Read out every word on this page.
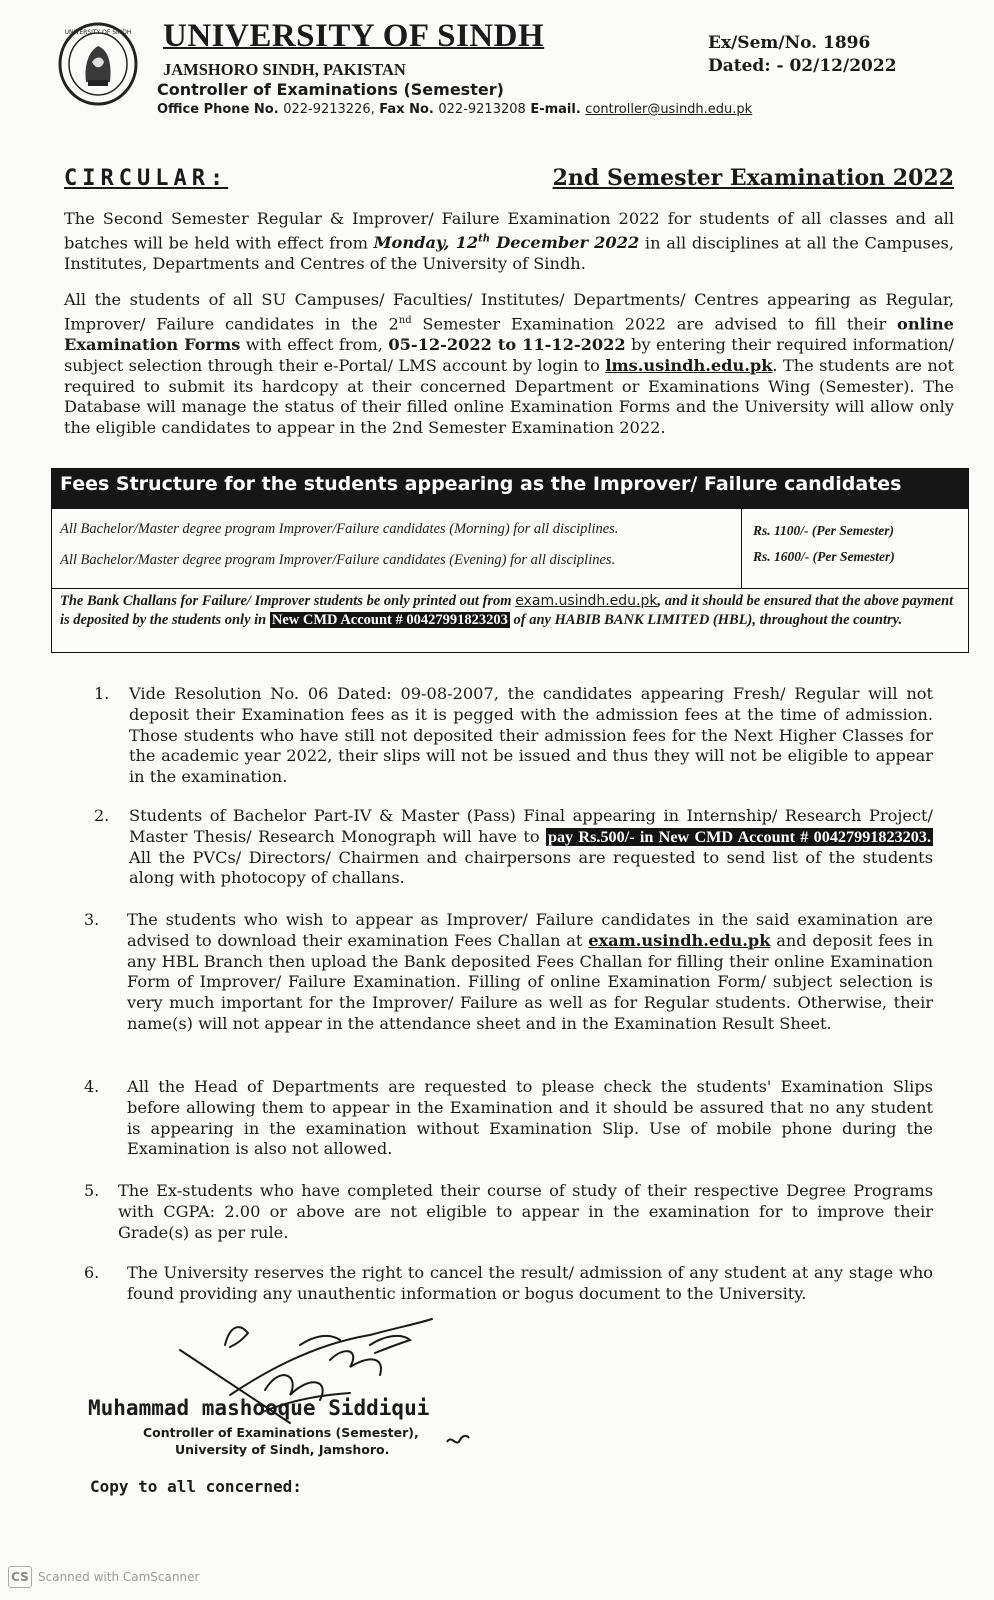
UNIVERSITY OF SINDH UNIVERSITY OF SINDH
JAMSHORO SINDH, PAKISTAN
Controller of Examinations (Semester)
Office Phone No. 022-9213226, Fax No. 022-9213208 E-mail. controller@usindh.edu.pk
Ex/Sem/No. 1896
Dated: - 02/12/2022
CIRCULAR:	2nd Semester Examination 2022
The Second Semester Regular & Improver/ Failure Examination 2022 for students of all classes and all batches will be held with effect from Monday, 12th December 2022 in all disciplines at all the Campuses, Institutes, Departments and Centres of the University of Sindh.
All the students of all SU Campuses/ Faculties/ Institutes/ Departments/ Centres appearing as Regular, Improver/ Failure candidates in the 2nd Semester Examination 2022 are advised to fill their online Examination Forms with effect from, 05-12-2022 to 11-12-2022 by entering their required information/ subject selection through their e-Portal/ LMS account by login to lms.usindh.edu.pk. The students are not required to submit its hardcopy at their concerned Department or Examinations Wing (Semester). The Database will manage the status of their filled online Examination Forms and the University will allow only the eligible candidates to appear in the 2nd Semester Examination 2022.
Fees Structure for the students appearing as the Improver/ Failure candidates
All Bachelor/Master degree program Improver/Failure candidates (Morning) for all disciplines.	Rs. 1100/- (Per Semester)
All Bachelor/Master degree program Improver/Failure candidates (Evening) for all disciplines.	Rs. 1600/- (Per Semester)
The Bank Challans for Failure/ Improver students be only printed out from exam.usindh.edu.pk, and it should be ensured that the above payment is deposited by the students only in New CMD Account # 00427991823203 of any HABIB BANK LIMITED (HBL), throughout the country.
1. Vide Resolution No. 06 Dated: 09-08-2007, the candidates appearing Fresh/ Regular will not deposit their Examination fees as it is pegged with the admission fees at the time of admission. Those students who have still not deposited their admission fees for the Next Higher Classes for the academic year 2022, their slips will not be issued and thus they will not be eligible to appear in the examination.
2. Students of Bachelor Part-IV & Master (Pass) Final appearing in Internship/ Research Project/ Master Thesis/ Research Monograph will have to pay Rs.500/- in New CMD Account # 00427991823203. All the PVCs/ Directors/ Chairmen and chairpersons are requested to send list of the students along with photocopy of challans.
3. The students who wish to appear as Improver/ Failure candidates in the said examination are advised to download their examination Fees Challan at exam.usindh.edu.pk and deposit fees in any HBL Branch then upload the Bank deposited Fees Challan for filling their online Examination Form of Improver/ Failure Examination. Filling of online Examination Form/ subject selection is very much important for the Improver/ Failure as well as for Regular students. Otherwise, their name(s) will not appear in the attendance sheet and in the Examination Result Sheet.
4. All the Head of Departments are requested to please check the students' Examination Slips before allowing them to appear in the Examination and it should be assured that no any student is appearing in the examination without Examination Slip. Use of mobile phone during the Examination is also not allowed.
5. The Ex-students who have completed their course of study of their respective Degree Programs with CGPA: 2.00 or above are not eligible to appear in the examination for to improve their Grade(s) as per rule.
6. The University reserves the right to cancel the result/ admission of any student at any stage who found providing any unauthentic information or bogus document to the University.
Muhammad mashooque Siddiqui
Controller of Examinations (Semester),
University of Sindh, Jamshoro.
Copy to all concerned:
CS Scanned with CamScanner
